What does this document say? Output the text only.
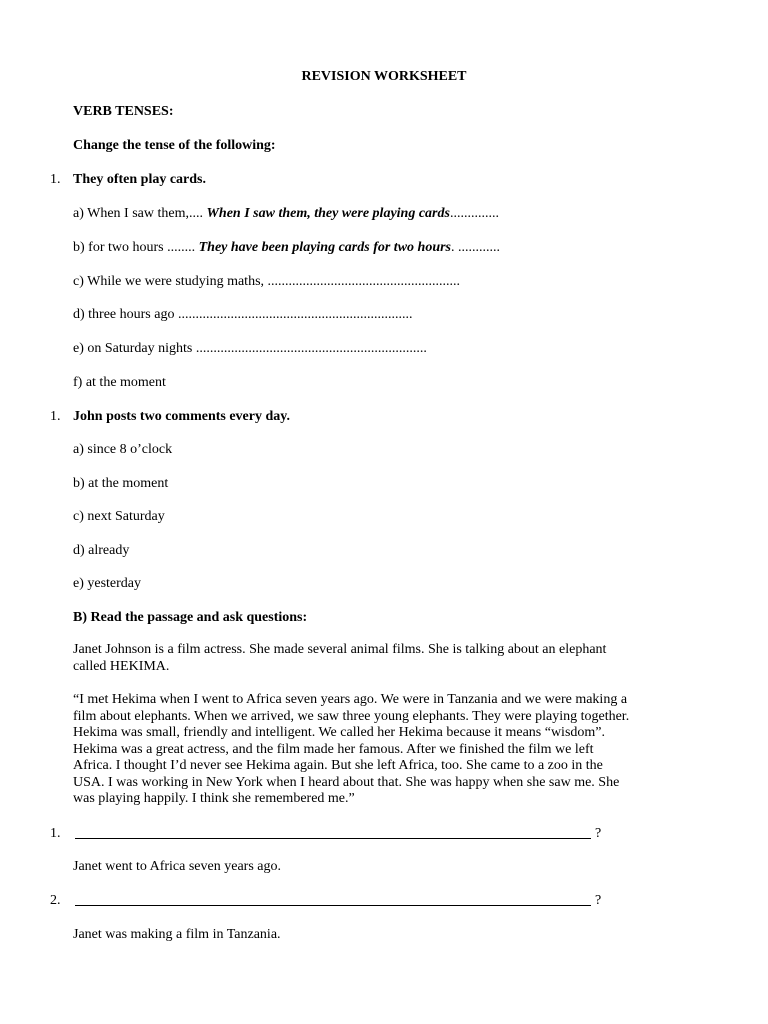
REVISION WORKSHEET
VERB TENSES:
Change the tense of the following:
1. They often play cards.
a) When I saw them,.... When I saw them, they were playing cards..............
b) for two hours ........ They have been playing cards for two hours. ............
c) While we were studying maths, .......................................................
d) three hours ago ...................................................................
e) on Saturday nights ..................................................................
f) at the moment
1. John posts two comments every day.
a) since 8 o’clock
b) at the moment
c) next Saturday
d) already
e) yesterday
B) Read the passage and ask questions:
Janet Johnson is a film actress. She made several animal films. She is talking about an elephant
called HEKIMA.
“I met Hekima when I went to Africa seven years ago. We were in Tanzania and we were making a
film about elephants. When we arrived, we saw three young elephants. They were playing together.
Hekima was small, friendly and intelligent. We called her Hekima because it means “wisdom”.
Hekima was a great actress, and the film made her famous. After we finished the film we left
Africa. I thought I’d never see Hekima again. But she left Africa, too. She came to a zoo in the
USA. I was working in New York when I heard about that. She was happy when she saw me. She
was playing happily. I think she remembered me.”
1.	?
Janet went to Africa seven years ago.
2.	?
Janet was making a film in Tanzania.
